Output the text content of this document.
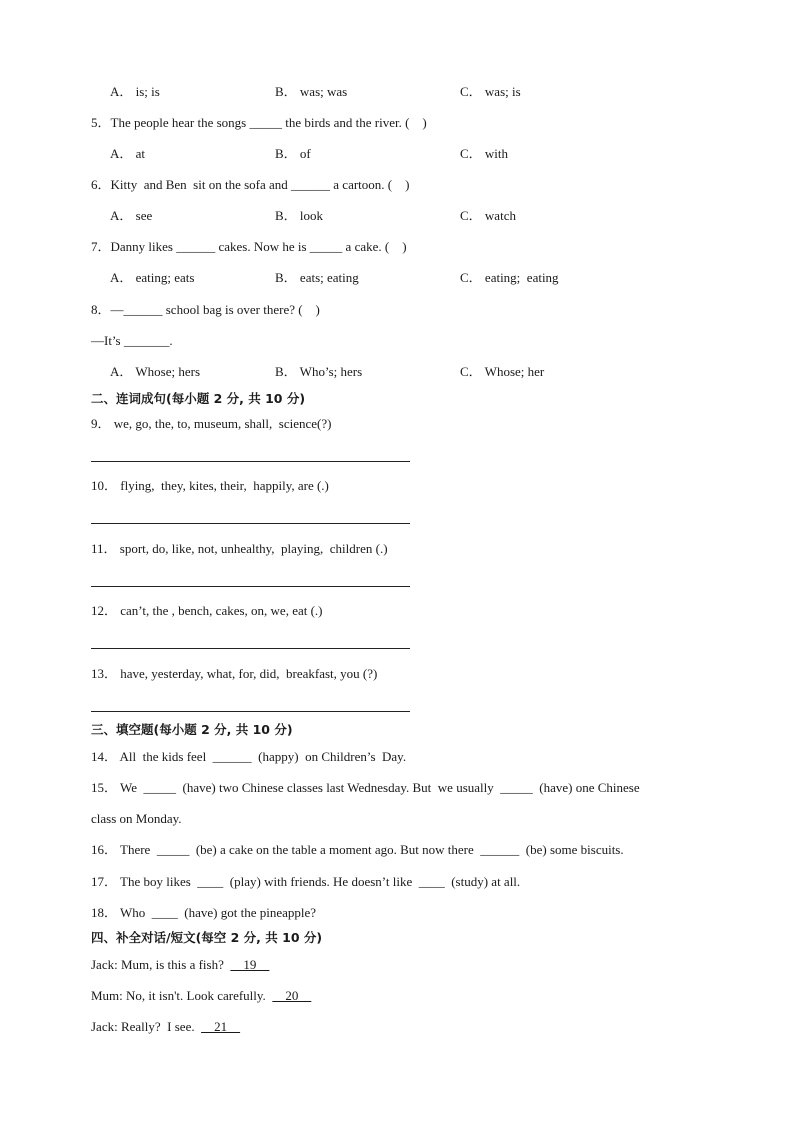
A． is; is	B． was; was	C． was; is
5．The people hear the songs _____ the birds and the river. (    )
A． at	B． of	C． with
6．Kitty  and Ben  sit on the sofa and ______ a cartoon. (    )
A． see	B． look	C． watch
7．Danny likes ______ cakes. Now he is _____ a cake. (    )
A． eating; eats	B． eats; eating	C． eating;  eating
8．—______ school bag is over there? (    )
—It’s _______.
A． Whose; hers	B． Who’s; hers	C． Whose; her
二、连词成句(每小题 2 分, 共 10 分)
9． we, go, the, to, museum, shall,  science(?)
10． flying,  they, kites, their,  happily, are (.)
11． sport, do, like, not, unhealthy,  playing,  children (.)
12． can’t, the , bench, cakes, on, we, eat (.)
13． have, yesterday, what, for, did,  breakfast, you (?)
三、填空题(每小题 2 分, 共 10 分)
14． All  the kids feel  ______  (happy)  on Children’s  Day.
15． We  _____  (have) two Chinese classes last Wednesday. But  we usually  _____  (have) one Chinese
class on Monday.
16． There  _____  (be) a cake on the table a moment ago. But now there  ______  (be) some biscuits.
17． The boy likes  ____  (play) with friends. He doesn’t like  ____  (study) at all.
18． Who  ____  (have) got the pineapple?
四、补全对话/短文(每空 2 分, 共 10 分)
Jack: Mum, is this a fish?      19
Mum: No, it isn't. Look carefully.      20
Jack: Really?  I see.      21
